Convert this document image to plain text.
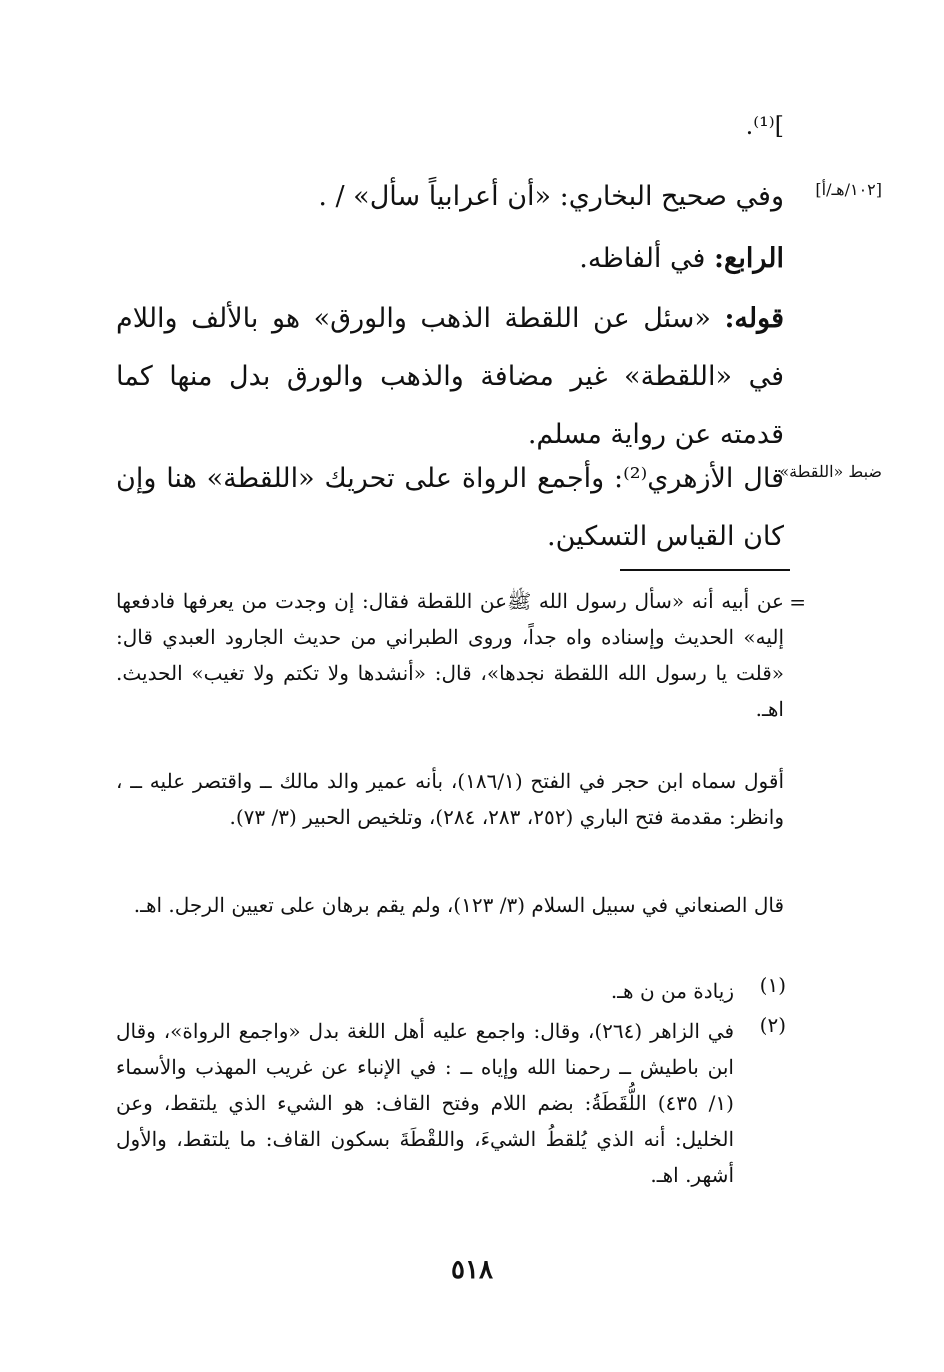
.⁽¹⁾[
[١٠٢/هـ/أ]
ضبط «اللقطة»
وفي صحيح البخاري: «أن أعرابياً سأل» / .
الرابع: في ألفاظه.
قوله: «سئل عن اللقطة الذهب والورق» هو بالألف واللام في «اللقطة» غير مضافة والذهب والورق بدل منها كما قدمته عن رواية مسلم.
قال الأزهري⁽²⁾: وأجمع الرواة على تحريك «اللقطة» هنا وإن كان القياس التسكين.
=
عن أبيه أنه «سأل رسول الله ﷺعن اللقطة فقال: إن وجدت من يعرفها فادفعها إليه» الحديث وإسناده واه جداً، وروى الطبراني من حديث الجارود العبدي قال: «قلت يا رسول الله اللقطة نجدها»، قال: «أنشدها ولا تكتم ولا تغيب» الحديث. اهـ.
أقول سماه ابن حجر في الفتح (١٨٦/١)، بأنه عمير والد مالك ــ واقتصر عليه ــ ، وانظر: مقدمة فتح الباري (٢٥٢، ٢٨٣، ٢٨٤)، وتلخيص الحبير (٣/ ٧٣).
قال الصنعاني في سبيل السلام (٣/ ١٢٣)، ولم يقم برهان على تعيين الرجل. اهـ.
(١)
زيادة من ن هـ.
(٢)
في الزاهر (٢٦٤)، وقال: واجمع عليه أهل اللغة بدل «واجمع الرواة»، وقال ابن باطيش ــ رحمنا الله وإياه ــ : في الإنباء عن غريب المهذب والأسماء (١/ ٤٣٥) اللُّقَطَةُ: بضم اللام وفتح القاف: هو الشيء الذي يلتقط، وعن الخليل: أنه الذي يُلقطُ الشيءَ، واللقْطَةَ بسكون القاف: ما يلتقط، والأول أشهر. اهـ.
٥١٨
